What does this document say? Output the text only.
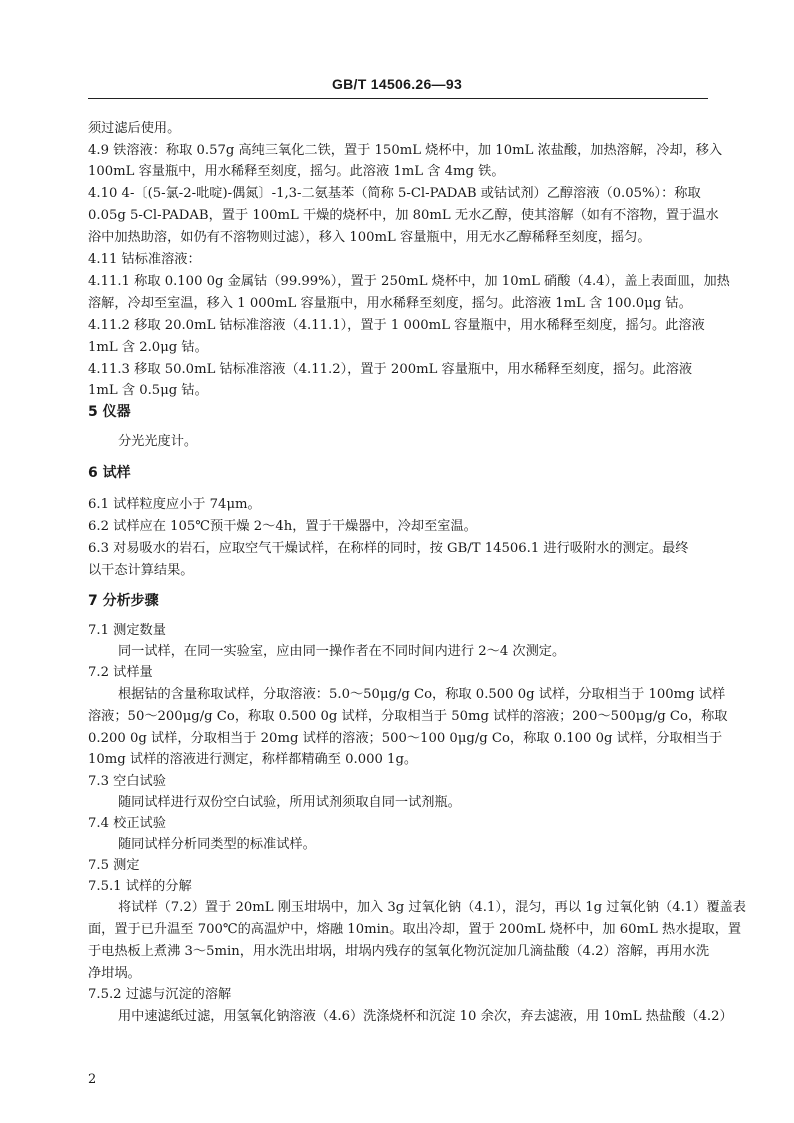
GB/T 14506.26—93
须过滤后使用。
4.9 铁溶液：称取 0.57g 高纯三氧化二铁，置于 150mL 烧杯中，加 10mL 浓盐酸，加热溶解，冷却，移入
100mL 容量瓶中，用水稀释至刻度，摇匀。此溶液 1mL 含 4mg 铁。
4.10 4-〔(5-氯-2-吡啶)-偶氮〕-1,3-二氨基苯（简称 5-Cl-PADAB 或钴试剂）乙醇溶液（0.05%）：称取
0.05g 5-Cl-PADAB，置于 100mL 干燥的烧杯中，加 80mL 无水乙醇，使其溶解（如有不溶物，置于温水
浴中加热助溶，如仍有不溶物则过滤），移入 100mL 容量瓶中，用无水乙醇稀释至刻度，摇匀。
4.11 钴标准溶液：
4.11.1 称取 0.100 0g 金属钴（99.99%），置于 250mL 烧杯中，加 10mL 硝酸（4.4），盖上表面皿，加热
溶解，冷却至室温，移入 1 000mL 容量瓶中，用水稀释至刻度，摇匀。此溶液 1mL 含 100.0μg 钴。
4.11.2 移取 20.0mL 钴标准溶液（4.11.1），置于 1 000mL 容量瓶中，用水稀释至刻度，摇匀。此溶液
1mL 含 2.0μg 钴。
4.11.3 移取 50.0mL 钴标准溶液（4.11.2），置于 200mL 容量瓶中，用水稀释至刻度，摇匀。此溶液
1mL 含 0.5μg 钴。
5 仪器
分光光度计。
6 试样
6.1 试样粒度应小于 74μm。
6.2 试样应在 105℃预干燥 2～4h，置于干燥器中，冷却至室温。
6.3 对易吸水的岩石，应取空气干燥试样，在称样的同时，按 GB/T 14506.1 进行吸附水的测定。最终
以干态计算结果。
7 分析步骤
7.1 测定数量
同一试样，在同一实验室，应由同一操作者在不同时间内进行 2～4 次测定。
7.2 试样量
根据钴的含量称取试样，分取溶液：5.0～50μg/g Co，称取 0.500 0g 试样，分取相当于 100mg 试样
溶液；50～200μg/g Co，称取 0.500 0g 试样，分取相当于 50mg 试样的溶液；200～500μg/g Co，称取
0.200 0g 试样，分取相当于 20mg 试样的溶液；500～100 0μg/g Co，称取 0.100 0g 试样，分取相当于
10mg 试样的溶液进行测定，称样都精确至 0.000 1g。
7.3 空白试验
随同试样进行双份空白试验，所用试剂须取自同一试剂瓶。
7.4 校正试验
随同试样分析同类型的标准试样。
7.5 测定
7.5.1 试样的分解
将试样（7.2）置于 20mL 刚玉坩埚中，加入 3g 过氧化钠（4.1），混匀，再以 1g 过氧化钠（4.1）覆盖表
面，置于已升温至 700℃的高温炉中，熔融 10min。取出冷却，置于 200mL 烧杯中，加 60mL 热水提取，置
于电热板上煮沸 3～5min，用水洗出坩埚，坩埚内残存的氢氧化物沉淀加几滴盐酸（4.2）溶解，再用水洗
净坩埚。
7.5.2 过滤与沉淀的溶解
用中速滤纸过滤，用氢氧化钠溶液（4.6）洗涤烧杯和沉淀 10 余次，弃去滤液，用 10mL 热盐酸（4.2）
2
